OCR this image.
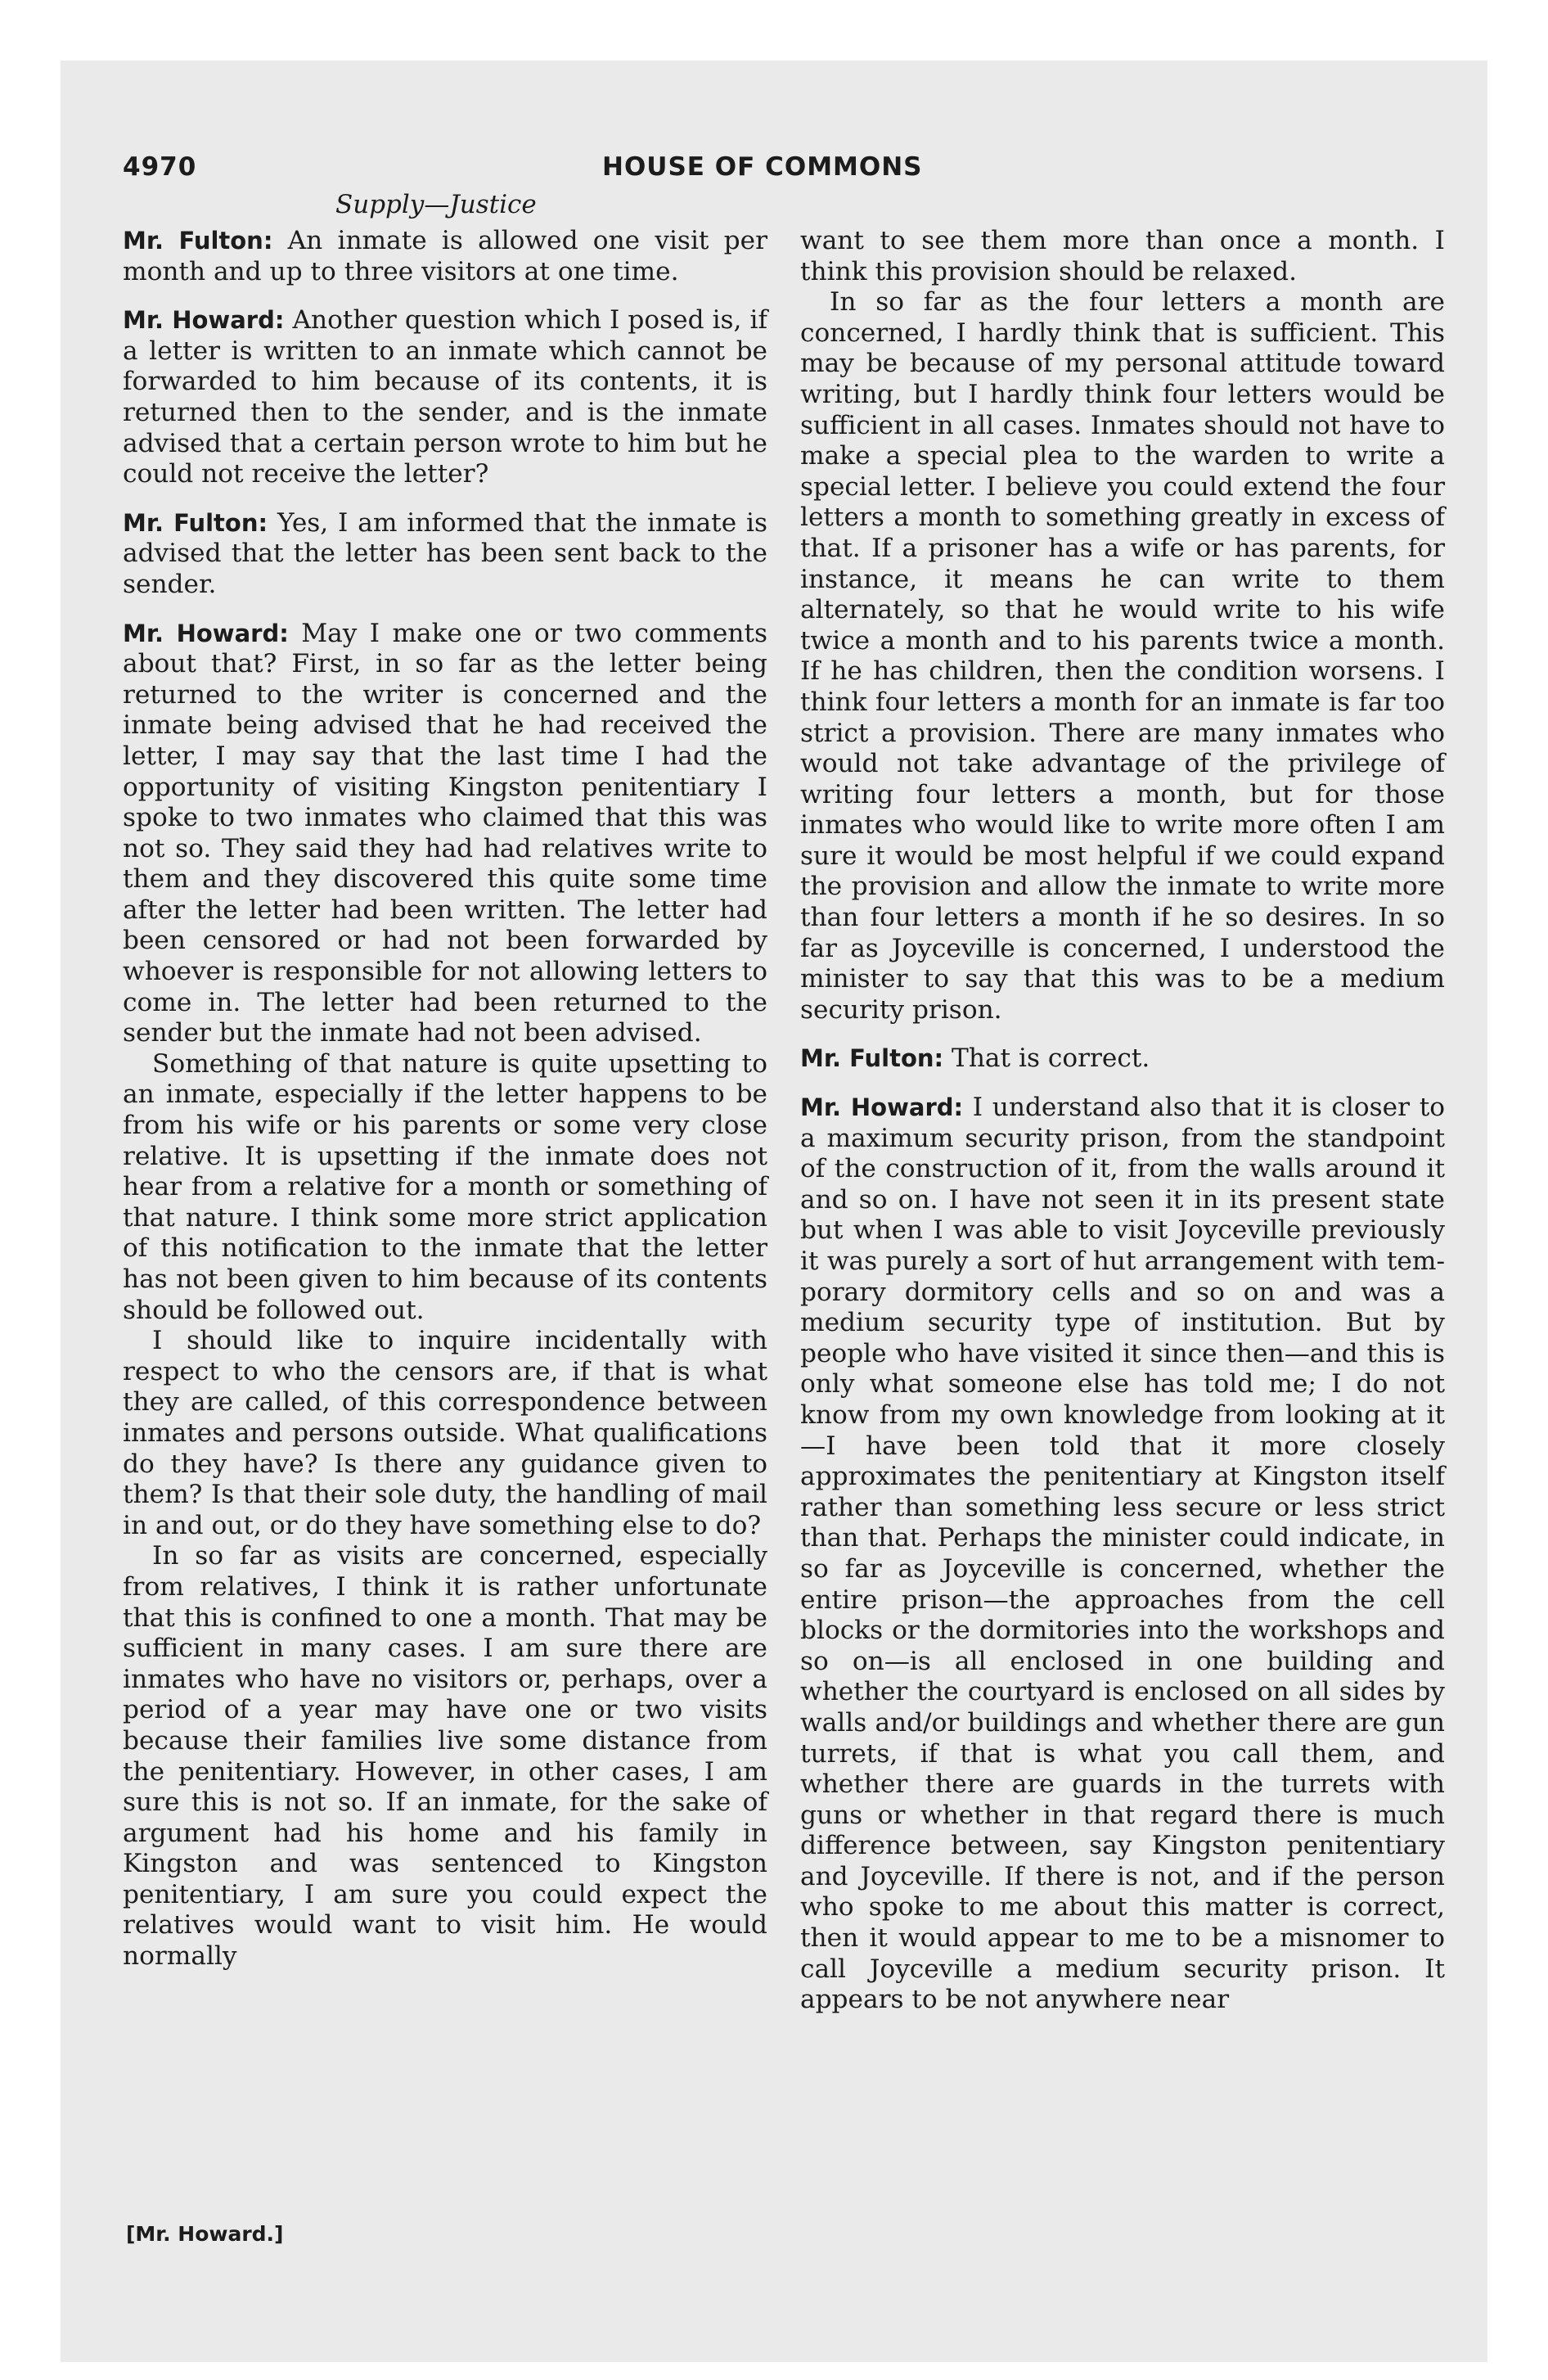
4970	HOUSE OF COMMONS
Supply—Justice

Mr. Fulton: An inmate is allowed one visit per month and up to three visitors at one time.

Mr. Howard: Another question which I posed is, if a letter is written to an inmate which cannot be forwarded to him because of its contents, it is returned then to the sender, and is the inmate advised that a certain person wrote to him but he could not receive the letter?

Mr. Fulton: Yes, I am informed that the inmate is advised that the letter has been sent back to the sender.

Mr. Howard: May I make one or two comments about that? First, in so far as the letter being returned to the writer is concerned and the inmate being advised that he had received the letter, I may say that the last time I had the opportunity of visiting Kingston penitentiary I spoke to two inmates who claimed that this was not so. They said they had had relatives write to them and they discovered this quite some time after the letter had been written. The letter had been censored or had not been forwarded by whoever is responsible for not allowing letters to come in. The letter had been returned to the sender but the inmate had not been advised.

Something of that nature is quite upsetting to an inmate, especially if the letter happens to be from his wife or his parents or some very close relative. It is upsetting if the inmate does not hear from a relative for a month or something of that nature. I think some more strict application of this notification to the inmate that the letter has not been given to him because of its contents should be followed out.

I should like to inquire incidentally with respect to who the censors are, if that is what they are called, of this correspondence between inmates and persons outside. What qualifications do they have? Is there any guidance given to them? Is that their sole duty, the handling of mail in and out, or do they have something else to do?

In so far as visits are concerned, especially from relatives, I think it is rather unfortunate that this is confined to one a month. That may be sufficient in many cases. I am sure there are inmates who have no visitors or, perhaps, over a period of a year may have one or two visits because their families live some distance from the penitentiary. However, in other cases, I am sure this is not so. If an inmate, for the sake of argument had his home and his family in Kingston and was sentenced to Kingston penitentiary, I am sure you could expect the relatives would want to visit him. He would normally

want to see them more than once a month. I think this provision should be relaxed.

In so far as the four letters a month are concerned, I hardly think that is sufficient. This may be because of my personal attitude toward writing, but I hardly think four letters would be sufficient in all cases. Inmates should not have to make a special plea to the warden to write a special letter. I believe you could extend the four letters a month to something greatly in excess of that. If a prisoner has a wife or has parents, for instance, it means he can write to them alternately, so that he would write to his wife twice a month and to his parents twice a month. If he has children, then the condition worsens. I think four letters a month for an inmate is far too strict a provision. There are many inmates who would not take advantage of the privilege of writing four letters a month, but for those inmates who would like to write more often I am sure it would be most helpful if we could expand the provision and allow the inmate to write more than four letters a month if he so desires. In so far as Joyceville is concerned, I understood the minister to say that this was to be a medium security prison.

Mr. Fulton: That is correct.

Mr. Howard: I understand also that it is closer to a maximum security prison, from the standpoint of the construction of it, from the walls around it and so on. I have not seen it in its present state but when I was able to visit Joyceville previously it was purely a sort of hut arrangement with temporary dormitory cells and so on and was a medium security type of institution. But by people who have visited it since then—and this is only what someone else has told me; I do not know from my own knowledge from looking at it—I have been told that it more closely approximates the penitentiary at Kingston itself rather than something less secure or less strict than that. Perhaps the minister could indicate, in so far as Joyceville is concerned, whether the entire prison—the approaches from the cell blocks or the dormitories into the workshops and so on—is all enclosed in one building and whether the courtyard is enclosed on all sides by walls and/or buildings and whether there are gun turrets, if that is what you call them, and whether there are guards in the turrets with guns or whether in that regard there is much difference between, say Kingston penitentiary and Joyceville. If there is not, and if the person who spoke to me about this matter is correct, then it would appear to me to be a misnomer to call Joyceville a medium security prison. It appears to be not anywhere near

[Mr. Howard.]
